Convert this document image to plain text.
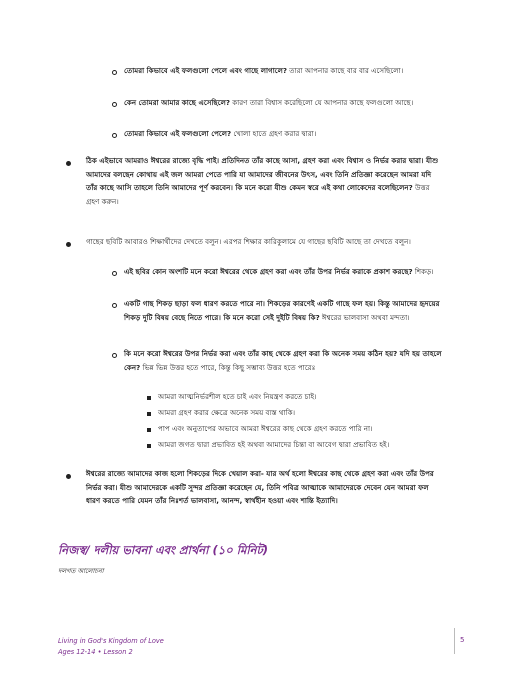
তোমরা কিভাবে এই ফলগুলো পেলে এবং গাছে লাগালে? তারা আপনার কাছে বার বার এসেছিলো।
কেন তোমরা আমার কাছে এসেছিলে? কারণ তারা বিশ্বাস করেছিলো যে আপনার কাছে ফলগুলো আছে।
তোমরা কিভাবে এই ফলগুলো পেলে? খোলা হাতে গ্রহণ করার দ্বারা।
ঠিক এইভাবে আমরাও ঈশ্বরের রাজ্যে বৃদ্ধি পাই। প্রতিদিনত তাঁর কাছে আসা, গ্রহণ করা এবং বিশ্বাস ও নির্ভর করার দ্বারা। যীশু
আমাদের বলছেন কোথায় এই জল আমরা পেতে পারি যা আমাদের জীবনের উৎস, এবং তিনি প্রতিজ্ঞা করেছেন আমরা যদি
তাঁর কাছে আসি তাহলে তিনি আমাদের পূর্ণ করবেন। কি মনে করো যীশু কেমন স্বরে এই কথা লোকেদের বলেছিলেন? উত্তর
গ্রহণ করুন।
গাছের ছবিটি আবারও শিক্ষার্থীদের দেখতে বলুন। এরপর শিক্ষার কারিকুলামে যে গাছের ছবিটি আছে তা দেখতে বলুন।
এই ছবির কোন অংশটি মনে করো ঈশ্বরের থেকে গ্রহণ করা এবং তাঁর উপর নির্ভর করাকে প্রকাশ করছে? শিকড়।
একটি গাছ শিকড় ছাড়া ফল ধারণ করতে পারে না। শিকড়ের কারণেই একটি গাছে ফল হয়। কিন্তু আমাদের হৃদয়ের
শিকড় দুটি বিষয় বেছে নিতে পারে। কি মনে করো সেই দুইটি বিষয় কি? ঈশ্বরের ভালবাসা অথবা মন্দতা।
কি মনে করো ঈশ্বরের উপর নির্ভর করা এবং তাঁর কাছ থেকে গ্রহণ করা কি অনেক সময় কঠিন হয়? যদি হয় তাহলে
কেন? ভিন্ন ভিন্ন উত্তর হতে পারে, কিন্তু কিছু সম্ভাব্য উত্তর হতে পারেঃ
আমরা আত্মনির্ভরশীল হতে চাই এবং নিয়ন্ত্রণ করতে চাই।
আমরা গ্রহণ করার ক্ষেত্রে অনেক সময় ব্যস্ত থাকি।
পাপ এবং অনুতাপের অভাবে আমরা ঈশ্বরের কাছ থেকে গ্রহণ করতে পারি না।
আমরা জগত দ্বারা প্রভাবিত হই অথবা আমাদের চিন্তা বা আবেগ দ্বারা প্রভাবিত হই।
ঈশ্বরের রাজ্যে আমাদের কাজ হলো শিকড়ের দিকে খেয়াল করা- যার অর্থ হলো ঈশ্বরের কাছ থেকে গ্রহণ করা এবং তাঁর উপর
নির্ভর করা। যীশু আমাদেরকে একটি সুন্দর প্রতিজ্ঞা করেছেন যে, তিনি পবিত্র আত্মাকে আমাদেরকে দেবেন যেন আমরা ফল
ধারণ করতে পারি যেমন তাঁর নিঃশর্ত ভালবাসা, আনন্দ, স্বার্থহীন হওয়া এবং শান্তি ইত্যাদি।
নিজস্ব/ দলীয় ভাবনা এবং প্রার্থনা (১০ মিনিট)
দলগত আলোচনা
Living in God's Kingdom of Love
Ages 12-14 • Lesson 2
5
